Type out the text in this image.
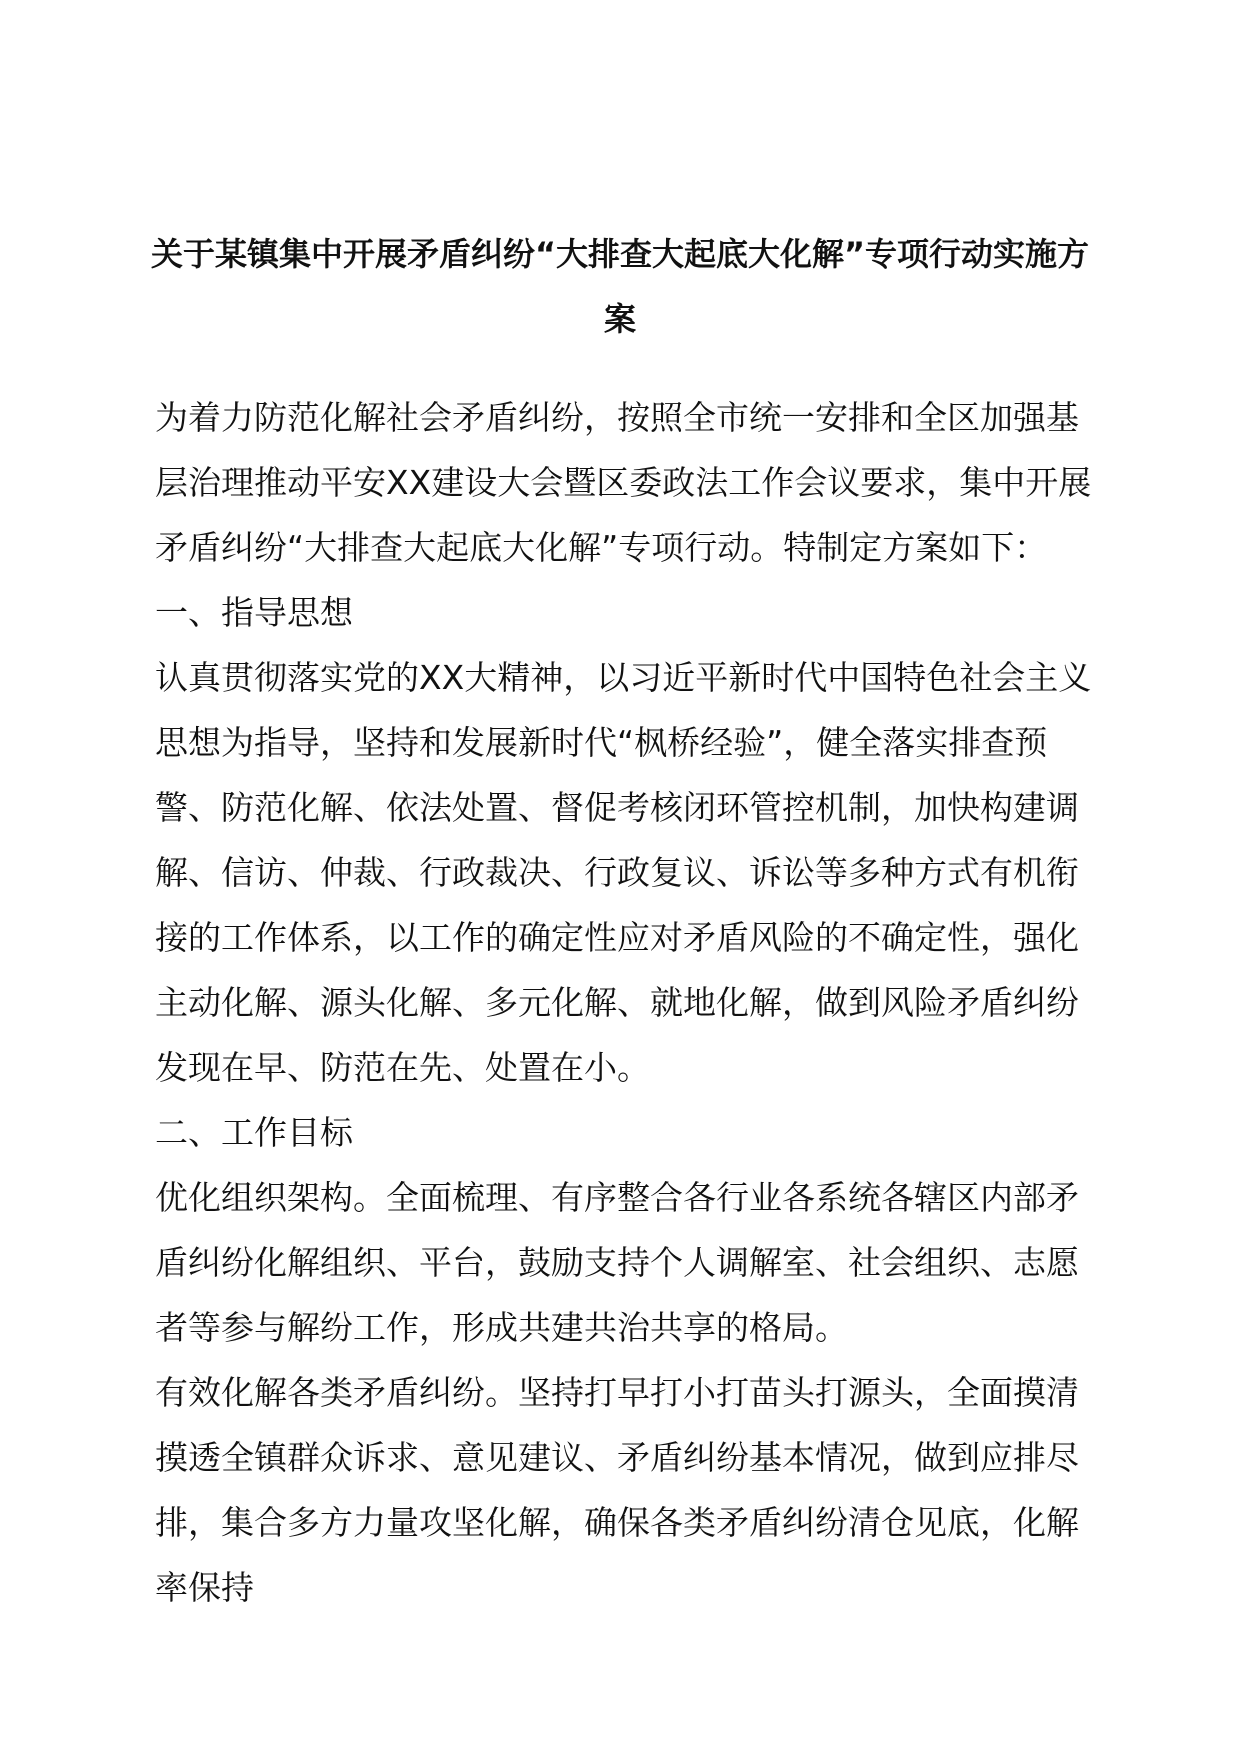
关于某镇集中开展矛盾纠纷“大排查大起底大化解”专项行动实施方案

为着力防范化解社会矛盾纠纷，按照全市统一安排和全区加强基层治理推动平安XX建设大会暨区委政法工作会议要求，集中开展矛盾纠纷“大排查大起底大化解”专项行动。特制定方案如下：

一、指导思想

认真贯彻落实党的XX大精神，以习近平新时代中国特色社会主义思想为指导，坚持和发展新时代“枫桥经验”，健全落实排查预警、防范化解、依法处置、督促考核闭环管控机制，加快构建调解、信访、仲裁、行政裁决、行政复议、诉讼等多种方式有机衔接的工作体系，以工作的确定性应对矛盾风险的不确定性，强化主动化解、源头化解、多元化解、就地化解，做到风险矛盾纠纷发现在早、防范在先、处置在小。

二、工作目标

优化组织架构。全面梳理、有序整合各行业各系统各辖区内部矛盾纠纷化解组织、平台，鼓励支持个人调解室、社会组织、志愿者等参与解纷工作，形成共建共治共享的格局。

有效化解各类矛盾纠纷。坚持打早打小打苗头打源头，全面摸清摸透全镇群众诉求、意见建议、矛盾纠纷基本情况，做到应排尽排，集合多方力量攻坚化解，确保各类矛盾纠纷清仓见底，化解率保持
